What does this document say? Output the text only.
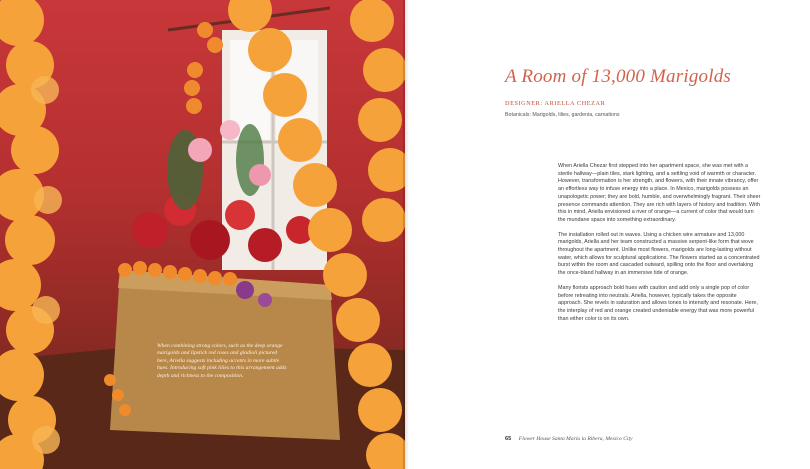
When combining strong colors, such as the deep orange marigolds and lipstick red roses and gladioli pictured here, Ariella suggests including accents in more subtle hues. Introducing soft pink lilies to this arrangement adds depth and richness to the composition.
A Room of 13,000 Marigolds
DESIGNER: ARIELLA CHEZAR
Botanicals: Marigolds, lilies, gardenia, carnations

When Ariella Chezar first stepped into her apartment space, she was met with a sterile hallway—plain tiles, stark lighting, and a settling void of warmth or character. However, transformation is her strength, and flowers, with their innate vibrancy, offer an effortless way to infuse energy into a place. In Mexico, marigolds possess an unapologetic power; they are bold, humble, and overwhelmingly fragrant. Their sheer presence commands attention. They are rich with layers of history and tradition. With this in mind, Ariella envisioned a river of orange—a current of color that would turn the mundane space into something extraordinary.

The installation rolled out in waves. Using a chicken wire armature and 13,000 marigolds, Ariella and her team constructed a massive serpent-like form that wove throughout the apartment. Unlike most flowers, marigolds are long-lasting without water, which allows for sculptural applications. The flowers started as a concentrated burst within the room and cascaded outward, spilling onto the floor and overtaking the once-bland hallway in an immersive tide of orange.

Many florists approach bold hues with caution and add only a single pop of color before retreating into neutrals. Ariella, however, typically takes the opposite approach. She revels in saturation and allows tones to intensify and resonate. Here, the interplay of red and orange created undeniable energy that was more powerful than either color is on its own.

65 Flower House Santa María la Ribera, Mexico City
